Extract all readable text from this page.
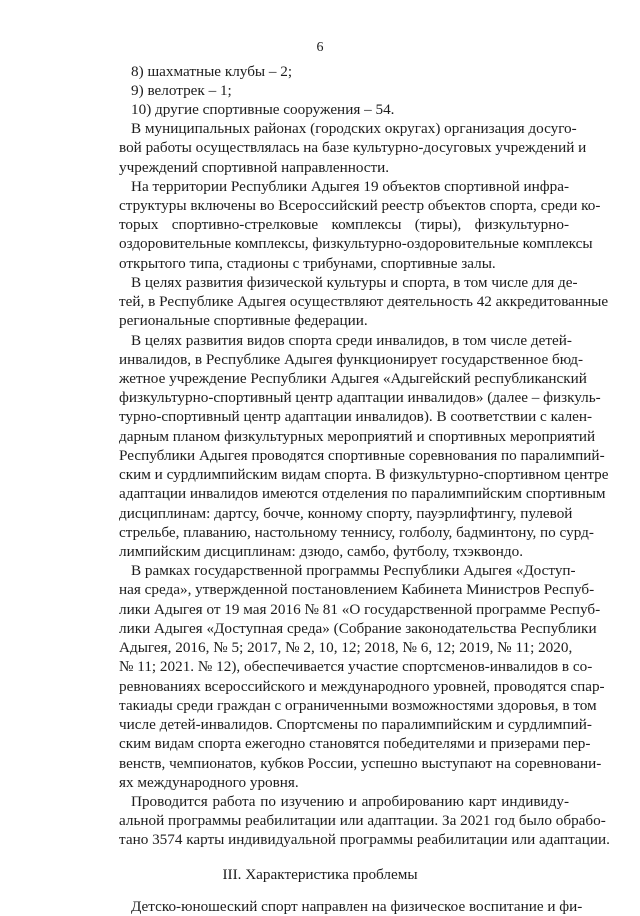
6
8) шахматные клубы – 2;
9) велотрек – 1;
10) другие спортивные сооружения – 54.
В муниципальных районах (городских округах) организация досуго-
вой работы осуществлялась на базе культурно-досуговых учреждений и
учреждений спортивной направленности.
На территории Республики Адыгея 19 объектов спортивной инфра-
структуры включены во Всероссийский реестр объектов спорта, среди ко-
торых спортивно-стрелковые комплексы (тиры), физкультурно-
оздоровительные комплексы, физкультурно-оздоровительные комплексы
открытого типа, стадионы с трибунами, спортивные залы.
В целях развития физической культуры и спорта, в том числе для де-
тей, в Республике Адыгея осуществляют деятельность 42 аккредитованные
региональные спортивные федерации.
В целях развития видов спорта среди инвалидов, в том числе детей-
инвалидов, в Республике Адыгея функционирует государственное бюд-
жетное учреждение Республики Адыгея «Адыгейский республиканский
физкультурно-спортивный центр адаптации инвалидов» (далее – физкуль-
турно-спортивный центр адаптации инвалидов). В соответствии с кален-
дарным планом физкультурных мероприятий и спортивных мероприятий
Республики Адыгея проводятся спортивные соревнования по паралимпий-
ским и сурдлимпийским видам спорта. В физкультурно-спортивном центре
адаптации инвалидов имеются отделения по паралимпийским спортивным
дисциплинам: дартсу, бочче, конному спорту, пауэрлифтингу, пулевой
стрельбе, плаванию, настольному теннису, голболу, бадминтону, по сурд-
лимпийским дисциплинам: дзюдо, самбо, футболу, тхэквондо.
В рамках государственной программы Республики Адыгея «Доступ-
ная среда», утвержденной постановлением Кабинета Министров Респуб-
лики Адыгея от 19 мая 2016 № 81 «О государственной программе Респуб-
лики Адыгея «Доступная среда» (Собрание законодательства Республики
Адыгея, 2016, № 5; 2017, № 2, 10, 12; 2018, № 6, 12; 2019, № 11; 2020,
№ 11; 2021. № 12), обеспечивается участие спортсменов-инвалидов в со-
ревнованиях всероссийского и международного уровней, проводятся спар-
такиады среди граждан с ограниченными возможностями здоровья, в том
числе детей-инвалидов. Спортсмены по паралимпийским и сурдлимпий-
ским видам спорта ежегодно становятся победителями и призерами пер-
венств, чемпионатов, кубков России, успешно выступают на соревновани-
ях международного уровня.
Проводится работа по изучению и апробированию карт индивиду-
альной программы реабилитации или адаптации. За 2021 год было обрабо-
тано 3574 карты индивидуальной программы реабилитации или адаптации.
III. Характеристика проблемы
Детско-юношеский спорт направлен на физическое воспитание и фи-
